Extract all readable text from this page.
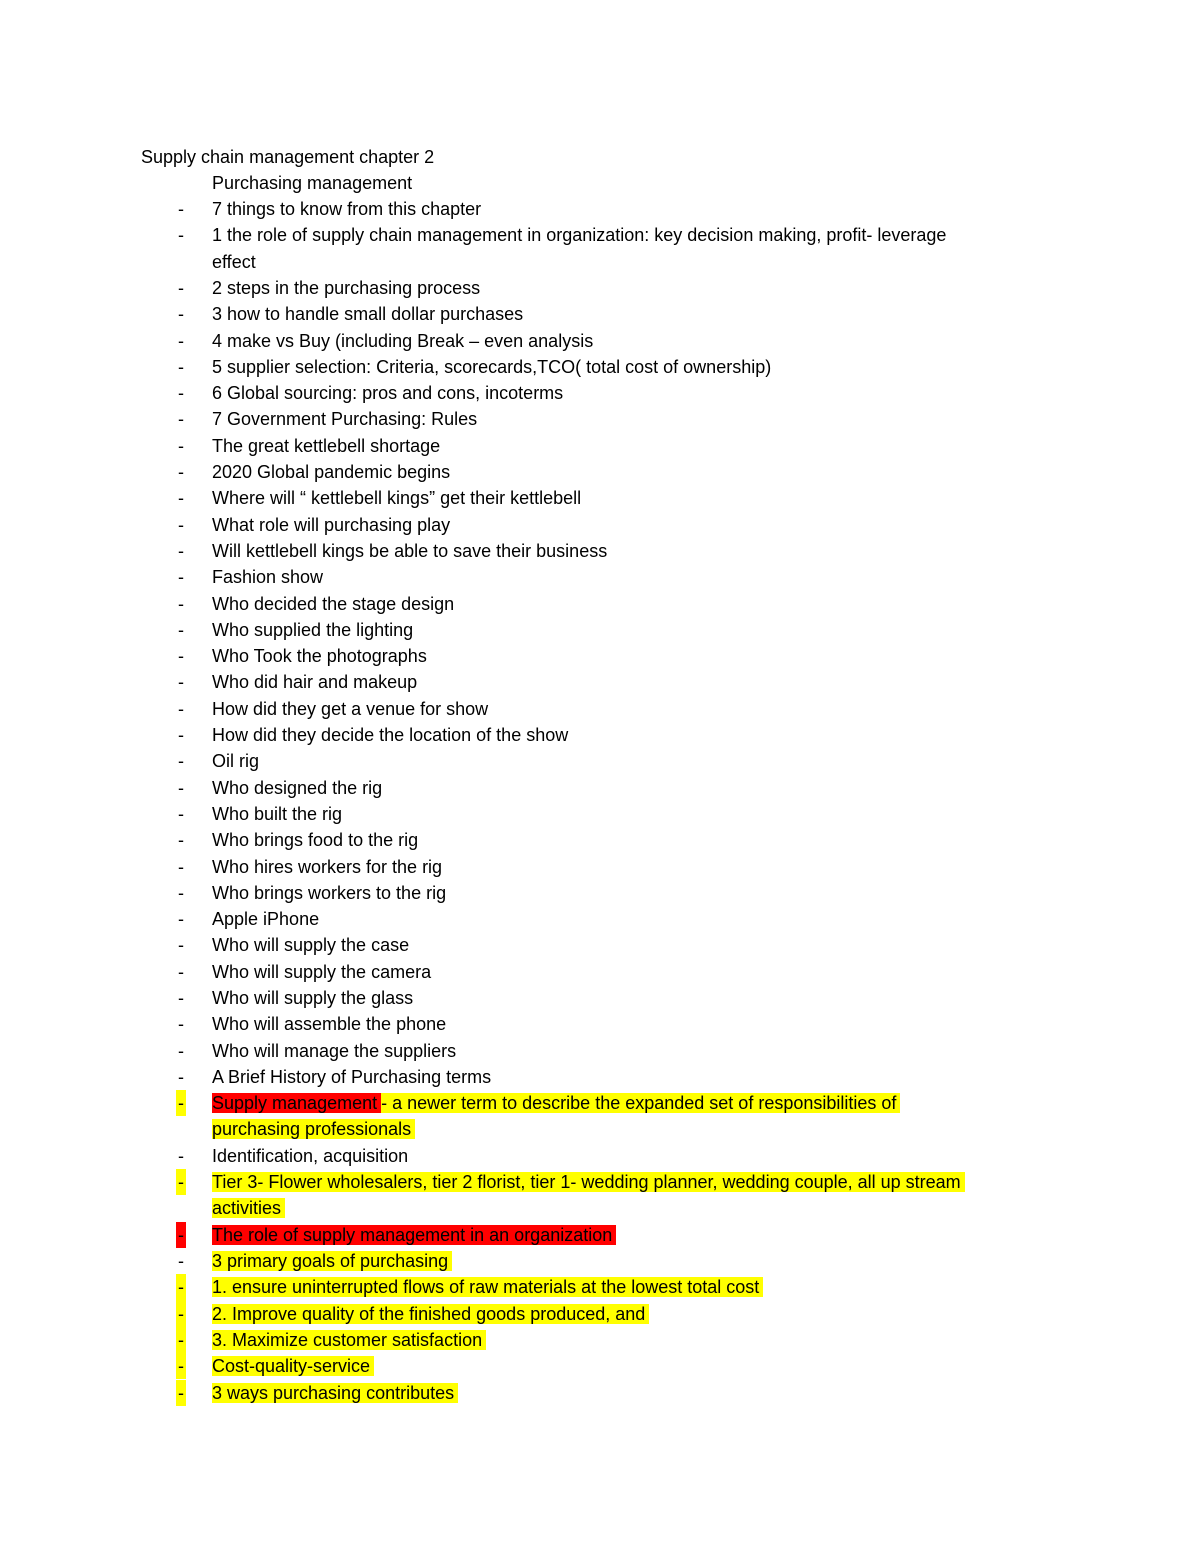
Supply chain management chapter 2
Purchasing management
- 7 things to know from this chapter
- 1 the role of supply chain management in organization: key decision making, profit- leverage
effect
- 2 steps in the purchasing process
- 3 how to handle small dollar purchases
- 4 make vs Buy (including Break – even analysis
- 5 supplier selection: Criteria, scorecards,TCO( total cost of ownership)
- 6 Global sourcing: pros and cons, incoterms
- 7 Government Purchasing: Rules
- The great kettlebell shortage
- 2020 Global pandemic begins
- Where will “ kettlebell kings” get their kettlebell
- What role will purchasing play
- Will kettlebell kings be able to save their business
- Fashion show
- Who decided the stage design
- Who supplied the lighting
- Who Took the photographs
- Who did hair and makeup
- How did they get a venue for show
- How did they decide the location of the show
- Oil rig
- Who designed the rig
- Who built the rig
- Who brings food to the rig
- Who hires workers for the rig
- Who brings workers to the rig
- Apple iPhone
- Who will supply the case
- Who will supply the camera
- Who will supply the glass
- Who will assemble the phone
- Who will manage the suppliers
- A Brief History of Purchasing terms
- Supply management - a newer term to describe the expanded set of responsibilities of
purchasing professionals
- Identification, acquisition
- Tier 3- Flower wholesalers, tier 2 florist, tier 1- wedding planner, wedding couple, all up stream
activities
- The role of supply management in an organization
- 3 primary goals of purchasing
- 1. ensure uninterrupted flows of raw materials at the lowest total cost
- 2. Improve quality of the finished goods produced, and
- 3. Maximize customer satisfaction
- Cost-quality-service
- 3 ways purchasing contributes
